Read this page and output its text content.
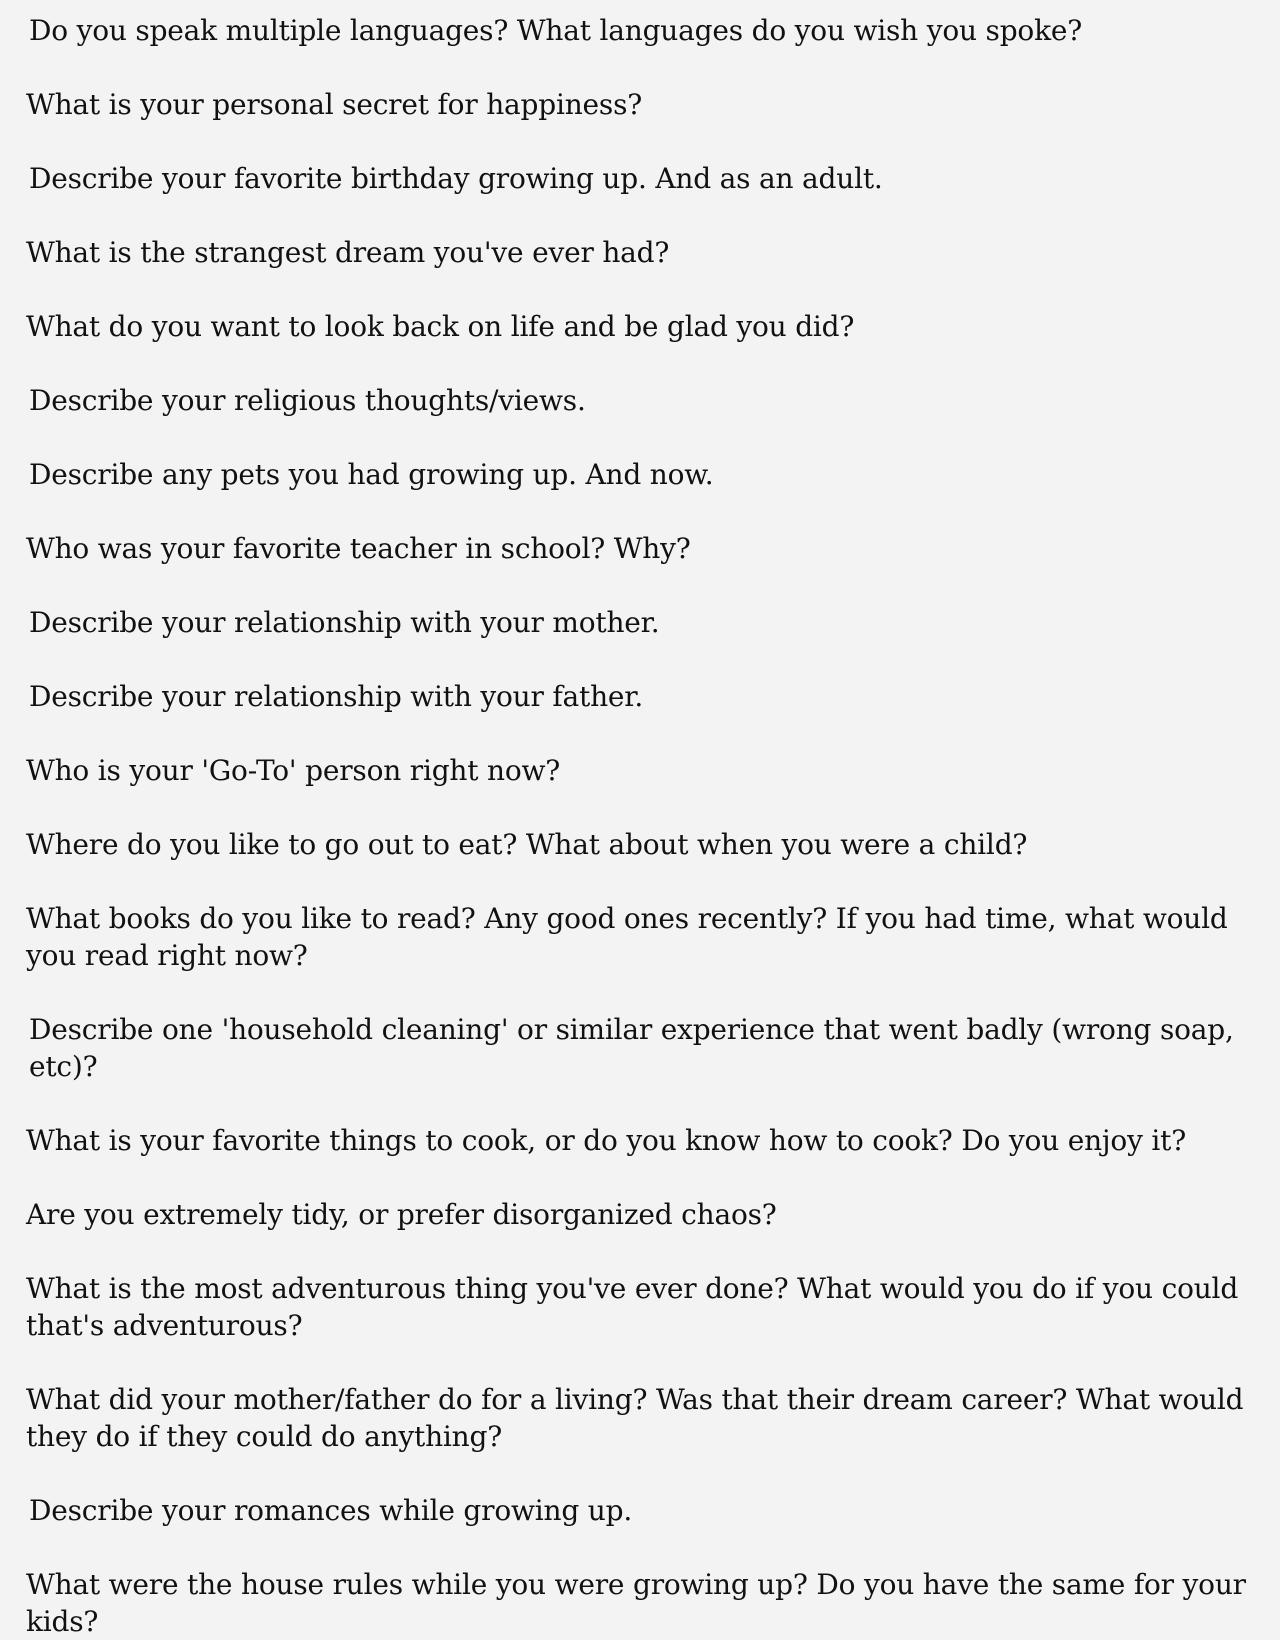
Do you speak multiple languages? What languages do you wish you spoke?

What is your personal secret for happiness?

Describe your favorite birthday growing up. And as an adult.

What is the strangest dream you've ever had?

What do you want to look back on life and be glad you did?

Describe your religious thoughts/views.

Describe any pets you had growing up. And now.

Who was your favorite teacher in school? Why?

Describe your relationship with your mother.

Describe your relationship with your father.

Who is your 'Go-To' person right now?

Where do you like to go out to eat? What about when you were a child?

What books do you like to read? Any good ones recently? If you had time, what would you read right now?

Describe one 'household cleaning' or similar experience that went badly (wrong soap, etc)?

What is your favorite things to cook, or do you know how to cook? Do you enjoy it?

Are you extremely tidy, or prefer disorganized chaos?

What is the most adventurous thing you've ever done? What would you do if you could that's adventurous?

What did your mother/father do for a living? Was that their dream career? What would they do if they could do anything?

Describe your romances while growing up.

What were the house rules while you were growing up? Do you have the same for your kids?
